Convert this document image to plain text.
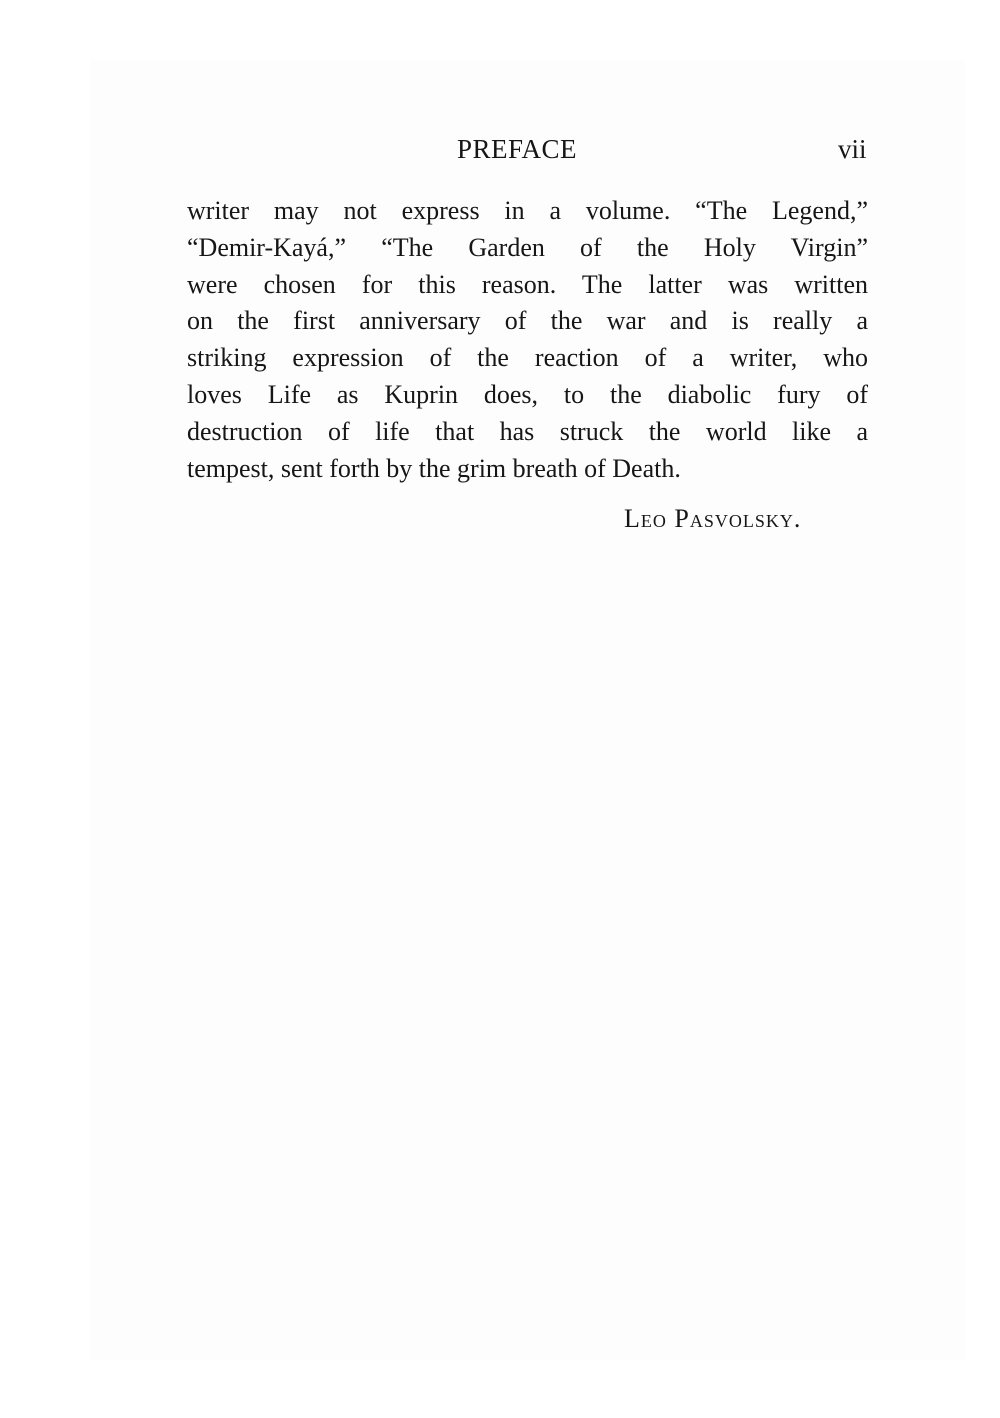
PREFACE	vii
writer may not express in a volume. “The Legend,”
“Demir-Kayá,” “The Garden of the Holy Virgin”
were chosen for this reason. The latter was written
on the first anniversary of the war and is really a
striking expression of the reaction of a writer, who
loves Life as Kuprin does, to the diabolic fury of
destruction of life that has struck the world like a
tempest, sent forth by the grim breath of Death.
Leo Pasvolsky.
